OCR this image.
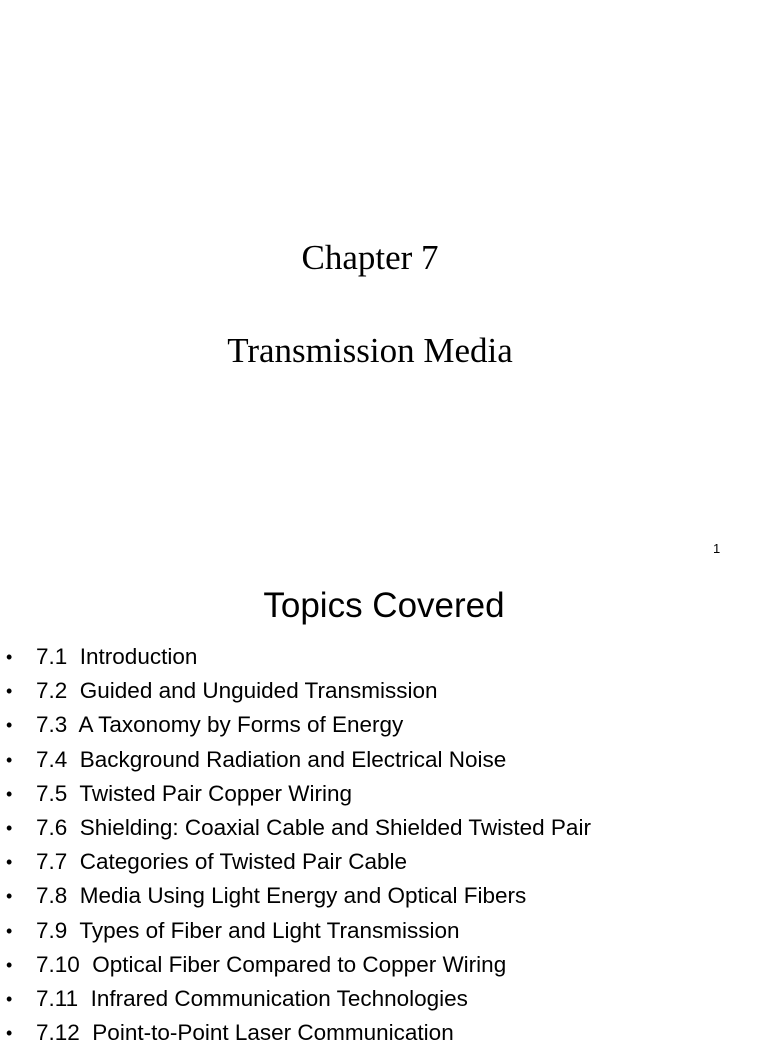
Chapter 7
Transmission Media
1
Topics Covered
• 7.1  Introduction
• 7.2  Guided and Unguided Transmission
• 7.3  A Taxonomy by Forms of Energy
• 7.4  Background Radiation and Electrical Noise
• 7.5  Twisted Pair Copper Wiring
• 7.6  Shielding: Coaxial Cable and Shielded Twisted Pair
• 7.7  Categories of Twisted Pair Cable
• 7.8  Media Using Light Energy and Optical Fibers
• 7.9  Types of Fiber and Light Transmission
• 7.10  Optical Fiber Compared to Copper Wiring
• 7.11  Infrared Communication Technologies
• 7.12  Point-to-Point Laser Communication
